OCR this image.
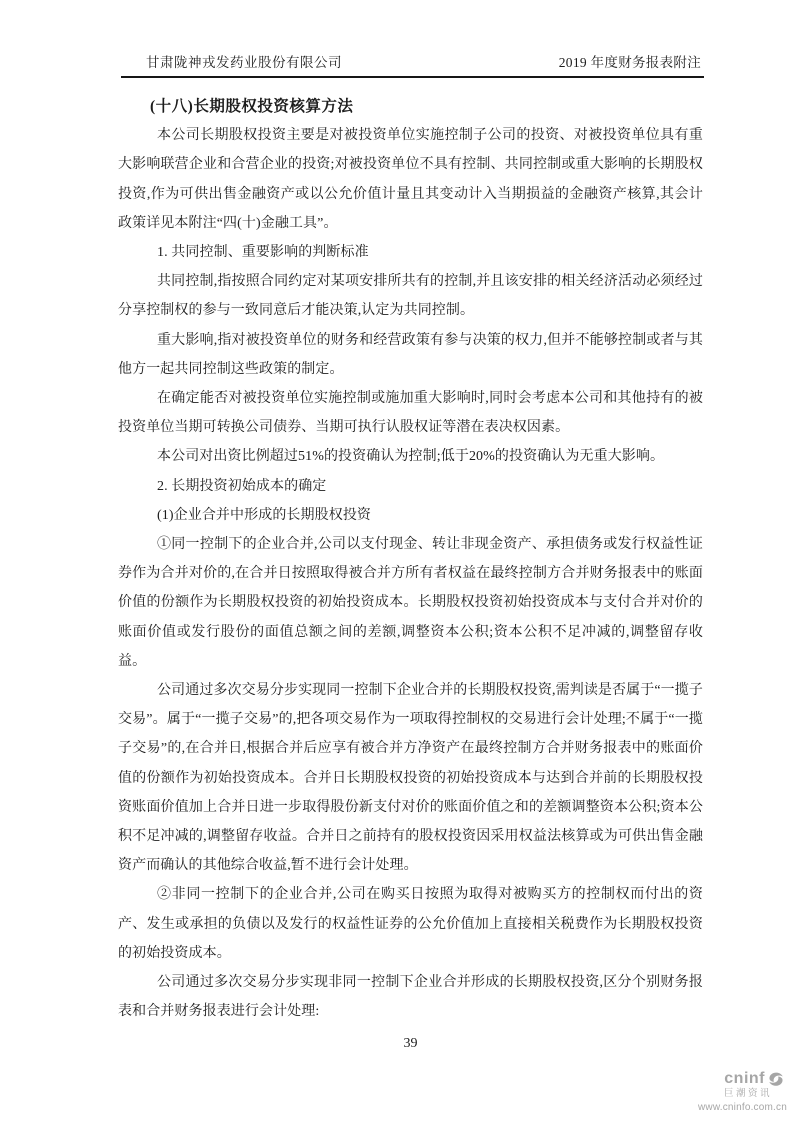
甘肃陇神戎发药业股份有限公司	2019 年度财务报表附注
(十八)长期股权投资核算方法

本公司长期股权投资主要是对被投资单位实施控制子公司的投资、对被投资单位具有重大影响联营企业和合营企业的投资;对被投资单位不具有控制、共同控制或重大影响的长期股权投资,作为可供出售金融资产或以公允价值计量且其变动计入当期损益的金融资产核算,其会计政策详见本附注“四(十)金融工具”。

1. 共同控制、重要影响的判断标准

共同控制,指按照合同约定对某项安排所共有的控制,并且该安排的相关经济活动必须经过分享控制权的参与一致同意后才能决策,认定为共同控制。

重大影响,指对被投资单位的财务和经营政策有参与决策的权力,但并不能够控制或者与其他方一起共同控制这些政策的制定。

在确定能否对被投资单位实施控制或施加重大影响时,同时会考虑本公司和其他持有的被投资单位当期可转换公司债券、当期可执行认股权证等潜在表决权因素。

本公司对出资比例超过51%的投资确认为控制;低于20%的投资确认为无重大影响。

2. 长期投资初始成本的确定

(1)企业合并中形成的长期股权投资

①同一控制下的企业合并,公司以支付现金、转让非现金资产、承担债务或发行权益性证券作为合并对价的,在合并日按照取得被合并方所有者权益在最终控制方合并财务报表中的账面价值的份额作为长期股权投资的初始投资成本。长期股权投资初始投资成本与支付合并对价的账面价值或发行股份的面值总额之间的差额,调整资本公积;资本公积不足冲减的,调整留存收益。

公司通过多次交易分步实现同一控制下企业合并的长期股权投资,需判读是否属于“一揽子交易”。属于“一揽子交易”的,把各项交易作为一项取得控制权的交易进行会计处理;不属于“一揽子交易”的,在合并日,根据合并后应享有被合并方净资产在最终控制方合并财务报表中的账面价值的份额作为初始投资成本。合并日长期股权投资的初始投资成本与达到合并前的长期股权投资账面价值加上合并日进一步取得股份新支付对价的账面价值之和的差额调整资本公积;资本公积不足冲减的,调整留存收益。合并日之前持有的股权投资因采用权益法核算或为可供出售金融资产而确认的其他综合收益,暂不进行会计处理。

②非同一控制下的企业合并,公司在购买日按照为取得对被购买方的控制权而付出的资产、发生或承担的负债以及发行的权益性证券的公允价值加上直接相关税费作为长期股权投资的初始投资成本。

公司通过多次交易分步实现非同一控制下企业合并形成的长期股权投资,区分个别财务报表和合并财务报表进行会计处理:

39
cninf
巨潮资讯
www.cninfo.com.cn
